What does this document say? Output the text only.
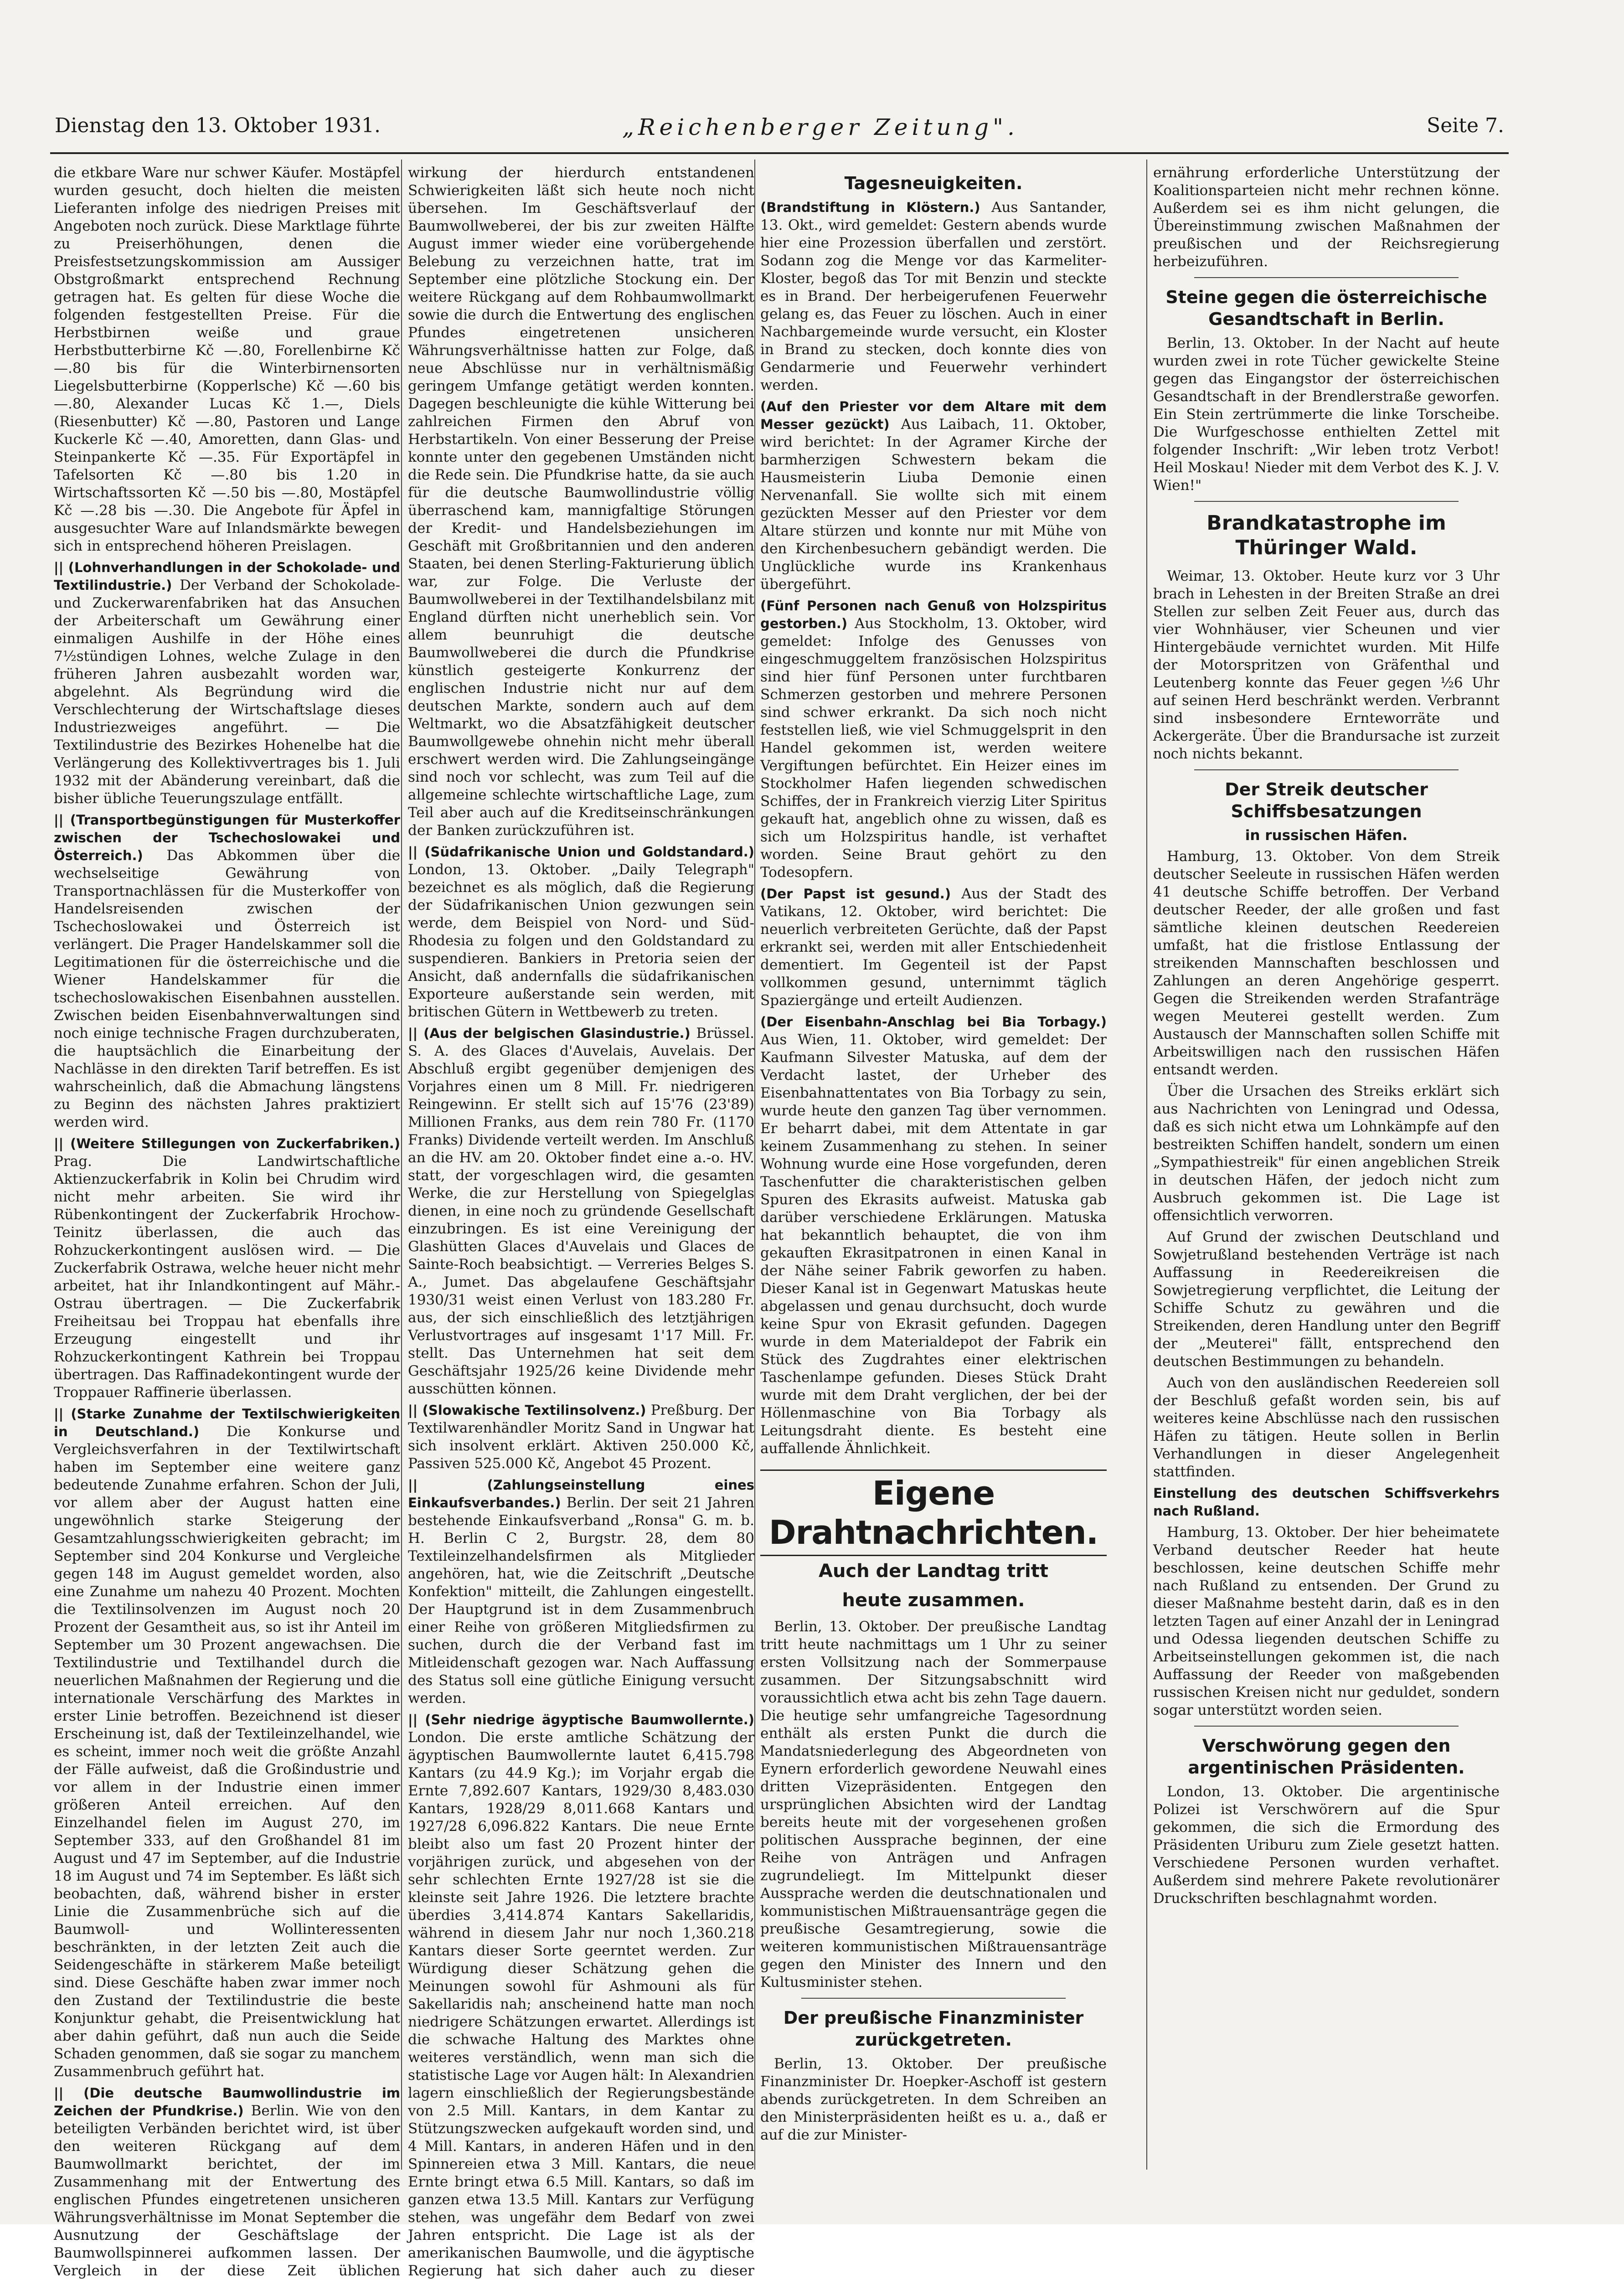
Dienstag den 13. Oktober 1931.	„Reichenberger Zeitung".	Seite 7.

die etkbare Ware nur schwer Käufer. Mostäpfel wurden gesucht, doch hielten die meisten Lieferanten infolge des niedrigen Preises mit Angeboten noch zurück. Diese Marktlage führte zu Preiserhöhungen, denen die Preisfestsetzungskommission am Aussiger Obstgroßmarkt entsprechend Rechnung getragen hat. Es gelten für diese Woche die folgenden festgestellten Preise. Für die Herbstbirnen weiße und graue Herbstbutterbirne Kč —.80, Forellenbirne Kč —.80 bis für die Winterbirnensorten Liegelsbutterbirne (Kopperlsche) Kč —.60 bis —.80, Alexander Lucas Kč 1.—, Diels (Riesenbutter) Kč —.80, Pastoren und Lange Kuckerle Kč —.40, Amoretten, dann Glas- und Steinpankerte Kč —.35. Für Exportäpfel in Tafelsorten Kč —.80 bis 1.20 in Wirtschaftssorten Kč —.50 bis —.80, Mostäpfel Kč —.28 bis —.30. Die Angebote für Äpfel in ausgesuchter Ware auf Inlandsmärkte bewegen sich in entsprechend höheren Preislagen.

|| (Lohnverhandlungen in der Schokolade- und Textilindustrie.) Der Verband der Schokolade- und Zuckerwarenfabriken hat das Ansuchen der Arbeiterschaft um Gewährung einer einmaligen Aushilfe in der Höhe eines 7½stündigen Lohnes, welche Zulage in den früheren Jahren ausbezahlt worden war, abgelehnt. Als Begründung wird die Verschlechterung der Wirtschaftslage dieses Industriezweiges angeführt. — Die Textilindustrie des Bezirkes Hohenelbe hat die Verlängerung des Kollektivvertrages bis 1. Juli 1932 mit der Abänderung vereinbart, daß die bisher übliche Teuerungszulage entfällt.

|| (Transportbegünstigungen für Musterkoffer zwischen der Tschechoslowakei und Österreich.) Das Abkommen über die wechselseitige Gewährung von Transportnachlässen für die Musterkoffer von Handelsreisenden zwischen der Tschechoslowakei und Österreich ist verlängert. Die Prager Handelskammer soll die Legitimationen für die österreichische und die Wiener Handelskammer für die tschechoslowakischen Eisenbahnen ausstellen. Zwischen beiden Eisenbahnverwaltungen sind noch einige technische Fragen durchzuberaten, die hauptsächlich die Einarbeitung der Nachlässe in den direkten Tarif betreffen. Es ist wahrscheinlich, daß die Abmachung längstens zu Beginn des nächsten Jahres praktiziert werden wird.

|| (Weitere Stillegungen von Zuckerfabriken.) Prag. Die Landwirtschaftliche Aktienzuckerfabrik in Kolin bei Chrudim wird nicht mehr arbeiten. Sie wird ihr Rübenkontingent der Zuckerfabrik Hrochow-Teinitz überlassen, die auch das Rohzuckerkontingent auslösen wird. — Die Zuckerfabrik Ostrawa, welche heuer nicht mehr arbeitet, hat ihr Inlandkontingent auf Mähr.-Ostrau übertragen. — Die Zuckerfabrik Freiheitsau bei Troppau hat ebenfalls ihre Erzeugung eingestellt und ihr Rohzuckerkontingent Kathrein bei Troppau übertragen. Das Raffinadekontingent wurde der Troppauer Raffinerie überlassen.

|| (Starke Zunahme der Textilschwierigkeiten in Deutschland.) Die Konkurse und Vergleichsverfahren in der Textilwirtschaft haben im September eine weitere ganz bedeutende Zunahme erfahren. Schon der Juli, vor allem aber der August hatten eine ungewöhnlich starke Steigerung der Gesamtzahlungsschwierigkeiten gebracht; im September sind 204 Konkurse und Vergleiche gegen 148 im August gemeldet worden, also eine Zunahme um nahezu 40 Prozent. Mochten die Textilinsolvenzen im August noch 20 Prozent der Gesamtheit aus, so ist ihr Anteil im September um 30 Prozent angewachsen. Die Textilindustrie und Textilhandel durch die neuerlichen Maßnahmen der Regierung und die internationale Verschärfung des Marktes in erster Linie betroffen. Bezeichnend ist dieser Erscheinung ist, daß der Textileinzelhandel, wie es scheint, immer noch weit die größte Anzahl der Fälle aufweist, daß die Großindustrie und vor allem in der Industrie einen immer größeren Anteil erreichen. Auf den Einzelhandel fielen im August 270, im September 333, auf den Großhandel 81 im August und 47 im September, auf die Industrie 18 im August und 74 im September. Es läßt sich beobachten, daß, während bisher in erster Linie die Zusammenbrüche sich auf die Baumwoll- und Wollinteressenten beschränkten, in der letzten Zeit auch die Seidengeschäfte in stärkerem Maße beteiligt sind. Diese Geschäfte haben zwar immer noch den Zustand der Textilindustrie die beste Konjunktur gehabt, die Preisentwicklung hat aber dahin geführt, daß nun auch die Seide Schaden genommen, daß sie sogar zu manchem Zusammenbruch geführt hat.

|| (Die deutsche Baumwollindustrie im Zeichen der Pfundkrise.) Berlin. Wie von den beteiligten Verbänden berichtet wird, ist über den weiteren Rückgang auf dem Baumwollmarkt berichtet, der im Zusammenhang mit der Entwertung des englischen Pfundes eingetretenen unsicheren Währungsverhältnisse im Monat September die Ausnutzung der Geschäftslage der Baumwollspinnerei aufkommen lassen. Der Vergleich in der diese Zeit üblichen

wirkung der hierdurch entstandenen Schwierigkeiten läßt sich heute noch nicht übersehen. Im Geschäftsverlauf der Baumwollweberei, der bis zur zweiten Hälfte August immer wieder eine vorübergehende Belebung zu verzeichnen hatte, trat im September eine plötzliche Stockung ein. Der weitere Rückgang auf dem Rohbaumwollmarkt sowie die durch die Entwertung des englischen Pfundes eingetretenen unsicheren Währungsverhältnisse hatten zur Folge, daß neue Abschlüsse nur in verhältnismäßig geringem Umfange getätigt werden konnten. Dagegen beschleunigte die kühle Witterung bei zahlreichen Firmen den Abruf von Herbstartikeln. Von einer Besserung der Preise konnte unter den gegebenen Umständen nicht die Rede sein. Die Pfundkrise hatte, da sie auch für die deutsche Baumwollindustrie völlig überraschend kam, mannigfaltige Störungen der Kredit- und Handelsbeziehungen im Geschäft mit Großbritannien und den anderen Staaten, bei denen Sterling-Fakturierung üblich war, zur Folge. Die Verluste der Baumwollweberei in der Textilhandelsbilanz mit England dürften nicht unerheblich sein. Vor allem beunruhigt die deutsche Baumwollweberei die durch die Pfundkrise künstlich gesteigerte Konkurrenz der englischen Industrie nicht nur auf dem deutschen Markte, sondern auch auf dem Weltmarkt, wo die Absatzfähigkeit deutscher Baumwollgewebe ohnehin nicht mehr überall erschwert werden wird. Die Zahlungseingänge sind noch vor schlecht, was zum Teil auf die allgemeine schlechte wirtschaftliche Lage, zum Teil aber auch auf die Kreditseinschränkungen der Banken zurückzuführen ist.

|| (Südafrikanische Union und Goldstandard.) London, 13. Oktober. „Daily Telegraph" bezeichnet es als möglich, daß die Regierung der Südafrikanischen Union gezwungen sein werde, dem Beispiel von Nord- und Süd-Rhodesia zu folgen und den Goldstandard zu suspendieren. Bankiers in Pretoria seien der Ansicht, daß andernfalls die südafrikanischen Exporteure außerstande sein werden, mit britischen Gütern in Wettbewerb zu treten.

|| (Aus der belgischen Glasindustrie.) Brüssel. S. A. des Glaces d'Auvelais, Auvelais. Der Abschluß ergibt gegenüber demjenigen des Vorjahres einen um 8 Mill. Fr. niedrigeren Reingewinn. Er stellt sich auf 15'76 (23'89) Millionen Franks, aus dem rein 780 Fr. (1170 Franks) Dividende verteilt werden. Im Anschluß an die HV. am 20. Oktober findet eine a.-o. HV. statt, der vorgeschlagen wird, die gesamten Werke, die zur Herstellung von Spiegelglas dienen, in eine noch zu gründende Gesellschaft einzubringen. Es ist eine Vereinigung der Glashütten Glaces d'Auvelais und Glaces de Sainte-Roch beabsichtigt. — Verreries Belges S. A., Jumet. Das abgelaufene Geschäftsjahr 1930/31 weist einen Verlust von 183.280 Fr. aus, der sich einschließlich des letztjährigen Verlustvortrages auf insgesamt 1'17 Mill. Fr. stellt. Das Unternehmen hat seit dem Geschäftsjahr 1925/26 keine Dividende mehr ausschütten können.

|| (Slowakische Textilinsolvenz.) Preßburg. Der Textilwarenhändler Moritz Sand in Ungwar hat sich insolvent erklärt. Aktiven 250.000 Kč, Passiven 525.000 Kč, Angebot 45 Prozent.

|| (Zahlungseinstellung eines Einkaufsverbandes.) Berlin. Der seit 21 Jahren bestehende Einkaufsverband „Ronsa" G. m. b. H. Berlin C 2, Burgstr. 28, dem 80 Textileinzelhandelsfirmen als Mitglieder angehören, hat, wie die Zeitschrift „Deutsche Konfektion" mitteilt, die Zahlungen eingestellt. Der Hauptgrund ist in dem Zusammenbruch einer Reihe von größeren Mitgliedsfirmen zu suchen, durch die der Verband fast im Mitleidenschaft gezogen war. Nach Auffassung des Status soll eine gütliche Einigung versucht werden.

|| (Sehr niedrige ägyptische Baumwollernte.) London. Die erste amtliche Schätzung der ägyptischen Baumwollernte lautet 6,415.798 Kantars (zu 44.9 Kg.); im Vorjahr ergab die Ernte 7,892.607 Kantars, 1929/30 8,483.030 Kantars, 1928/29 8,011.668 Kantars und 1927/28 6,096.822 Kantars. Die neue Ernte bleibt also um fast 20 Prozent hinter der vorjährigen zurück, und abgesehen von der sehr schlechten Ernte 1927/28 ist sie die kleinste seit Jahre 1926. Die letztere brachte überdies 3,414.874 Kantars Sakellaridis, während in diesem Jahr nur noch 1,360.218 Kantars dieser Sorte geerntet werden. Zur Würdigung dieser Schätzung gehen die Meinungen sowohl für Ashmouni als für Sakellaridis nah; anscheinend hatte man noch niedrigere Schätzungen erwartet. Allerdings ist die schwache Haltung des Marktes ohne weiteres verständlich, wenn man sich die statistische Lage vor Augen hält: In Alexandrien lagern einschließlich der Regierungsbestände von 2.5 Mill. Kantars, in dem Kantar zu Stützungszwecken aufgekauft worden sind, und 4 Mill. Kantars, in anderen Häfen und in den Spinnereien etwa 3 Mill. Kantars, die neue Ernte bringt etwa 6.5 Mill. Kantars, so daß im ganzen etwa 13.5 Mill. Kantars zur Verfügung stehen, was ungefähr dem Bedarf von zwei Jahren entspricht. Die Lage ist als der amerikanischen Baumwolle, und die ägyptische Regierung hat sich daher auch zu dieser

Tagesneuigkeiten.

(Brandstiftung in Klöstern.) Aus Santander, 13. Okt., wird gemeldet: Gestern abends wurde hier eine Prozession überfallen und zerstört. Sodann zog die Menge vor das Karmeliter-Kloster, begoß das Tor mit Benzin und steckte es in Brand. Der herbeigerufenen Feuerwehr gelang es, das Feuer zu löschen. Auch in einer Nachbargemeinde wurde versucht, ein Kloster in Brand zu stecken, doch konnte dies von Gendarmerie und Feuerwehr verhindert werden.

(Auf den Priester vor dem Altare mit dem Messer gezückt) Aus Laibach, 11. Oktober, wird berichtet: In der Agramer Kirche der barmherzigen Schwestern bekam die Hausmeisterin Liuba Demonie einen Nervenanfall. Sie wollte sich mit einem gezückten Messer auf den Priester vor dem Altare stürzen und konnte nur mit Mühe von den Kirchenbesuchern gebändigt werden. Die Unglückliche wurde ins Krankenhaus übergeführt.

(Fünf Personen nach Genuß von Holzspiritus gestorben.) Aus Stockholm, 13. Oktober, wird gemeldet: Infolge des Genusses von eingeschmuggeltem französischen Holzspiritus sind hier fünf Personen unter furchtbaren Schmerzen gestorben und mehrere Personen sind schwer erkrankt. Da sich noch nicht feststellen ließ, wie viel Schmuggelsprit in den Handel gekommen ist, werden weitere Vergiftungen befürchtet. Ein Heizer eines im Stockholmer Hafen liegenden schwedischen Schiffes, der in Frankreich vierzig Liter Spiritus gekauft hat, angeblich ohne zu wissen, daß es sich um Holzspiritus handle, ist verhaftet worden. Seine Braut gehört zu den Todesopfern.

(Der Papst ist gesund.) Aus der Stadt des Vatikans, 12. Oktober, wird berichtet: Die neuerlich verbreiteten Gerüchte, daß der Papst erkrankt sei, werden mit aller Entschiedenheit dementiert. Im Gegenteil ist der Papst vollkommen gesund, unternimmt täglich Spaziergänge und erteilt Audienzen.

(Der Eisenbahn-Anschlag bei Bia Torbagy.) Aus Wien, 11. Oktober, wird gemeldet: Der Kaufmann Silvester Matuska, auf dem der Verdacht lastet, der Urheber des Eisenbahnattentates von Bia Torbagy zu sein, wurde heute den ganzen Tag über vernommen. Er beharrt dabei, mit dem Attentate in gar keinem Zusammenhang zu stehen. In seiner Wohnung wurde eine Hose vorgefunden, deren Taschenfutter die charakteristischen gelben Spuren des Ekrasits aufweist. Matuska gab darüber verschiedene Erklärungen. Matuska hat bekanntlich behauptet, die von ihm gekauften Ekrasitpatronen in einen Kanal in der Nähe seiner Fabrik geworfen zu haben. Dieser Kanal ist in Gegenwart Matuskas heute abgelassen und genau durchsucht, doch wurde keine Spur von Ekrasit gefunden. Dagegen wurde in dem Materialdepot der Fabrik ein Stück des Zugdrahtes einer elektrischen Taschenlampe gefunden. Dieses Stück Draht wurde mit dem Draht verglichen, der bei der Höllenmaschine von Bia Torbagy als Leitungsdraht diente. Es besteht eine auffallende Ähnlichkeit.

Eigene Drahtnachrichten.
Auch der Landtag tritt
heute zusammen.

Berlin, 13. Oktober. Der preußische Landtag tritt heute nachmittags um 1 Uhr zu seiner ersten Vollsitzung nach der Sommerpause zusammen. Der Sitzungsabschnitt wird voraussichtlich etwa acht bis zehn Tage dauern. Die heutige sehr umfangreiche Tagesordnung enthält als ersten Punkt die durch die Mandatsniederlegung des Abgeordneten von Eynern erforderlich gewordene Neuwahl eines dritten Vizepräsidenten. Entgegen den ursprünglichen Absichten wird der Landtag bereits heute mit der vorgesehenen großen politischen Aussprache beginnen, der eine Reihe von Anträgen und Anfragen zugrundeliegt. Im Mittelpunkt dieser Aussprache werden die deutschnationalen und kommunistischen Mißtrauensanträge gegen die preußische Gesamtregierung, sowie die weiteren kommunistischen Mißtrauensanträge gegen den Minister des Innern und den Kultusminister stehen.

Der preußische Finanzminister zurückgetreten.

Berlin, 13. Oktober. Der preußische Finanzminister Dr. Hoepker-Aschoff ist gestern abends zurückgetreten. In dem Schreiben an den Ministerpräsidenten heißt es u. a., daß er auf die zur Minister-

ernährung erforderliche Unterstützung der Koalitionsparteien nicht mehr rechnen könne. Außerdem sei es ihm nicht gelungen, die Übereinstimmung zwischen Maßnahmen der preußischen und der Reichsregierung herbeizuführen.

Steine gegen die österreichische Gesandtschaft in Berlin.

Berlin, 13. Oktober. In der Nacht auf heute wurden zwei in rote Tücher gewickelte Steine gegen das Eingangstor der österreichischen Gesandtschaft in der Brendlerstraße geworfen. Ein Stein zertrümmerte die linke Torscheibe. Die Wurfgeschosse enthielten Zettel mit folgender Inschrift: „Wir leben trotz Verbot! Heil Moskau! Nieder mit dem Verbot des K. J. V. Wien!"

Brandkatastrophe im Thüringer Wald.

Weimar, 13. Oktober. Heute kurz vor 3 Uhr brach in Lehesten in der Breiten Straße an drei Stellen zur selben Zeit Feuer aus, durch das vier Wohnhäuser, vier Scheunen und vier Hintergebäude vernichtet wurden. Mit Hilfe der Motorspritzen von Gräfenthal und Leutenberg konnte das Feuer gegen ½6 Uhr auf seinen Herd beschränkt werden. Verbrannt sind insbesondere Ernteworräte und Ackergeräte. Über die Brandursache ist zurzeit noch nichts bekannt.

Der Streik deutscher Schiffsbesatzungen
in russischen Häfen.

Hamburg, 13. Oktober. Von dem Streik deutscher Seeleute in russischen Häfen werden 41 deutsche Schiffe betroffen. Der Verband deutscher Reeder, der alle großen und fast sämtliche kleinen deutschen Reedereien umfaßt, hat die fristlose Entlassung der streikenden Mannschaften beschlossen und Zahlungen an deren Angehörige gesperrt. Gegen die Streikenden werden Strafanträge wegen Meuterei gestellt werden. Zum Austausch der Mannschaften sollen Schiffe mit Arbeitswilligen nach den russischen Häfen entsandt werden.

Über die Ursachen des Streiks erklärt sich aus Nachrichten von Leningrad und Odessa, daß es sich nicht etwa um Lohnkämpfe auf den bestreikten Schiffen handelt, sondern um einen „Sympathiestreik" für einen angeblichen Streik in deutschen Häfen, der jedoch nicht zum Ausbruch gekommen ist. Die Lage ist offensichtlich verworren.

Auf Grund der zwischen Deutschland und Sowjetrußland bestehenden Verträge ist nach Auffassung in Reedereikreisen die Sowjetregierung verpflichtet, die Leitung der Schiffe Schutz zu gewähren und die Streikenden, deren Handlung unter den Begriff der „Meuterei" fällt, entsprechend den deutschen Bestimmungen zu behandeln.

Auch von den ausländischen Reedereien soll der Beschluß gefaßt worden sein, bis auf weiteres keine Abschlüsse nach den russischen Häfen zu tätigen. Heute sollen in Berlin Verhandlungen in dieser Angelegenheit stattfinden.

Einstellung des deutschen Schiffsverkehrs nach Rußland.

Hamburg, 13. Oktober. Der hier beheimatete Verband deutscher Reeder hat heute beschlossen, keine deutschen Schiffe mehr nach Rußland zu entsenden. Der Grund zu dieser Maßnahme besteht darin, daß es in den letzten Tagen auf einer Anzahl der in Leningrad und Odessa liegenden deutschen Schiffe zu Arbeitseinstellungen gekommen ist, die nach Auffassung der Reeder von maßgebenden russischen Kreisen nicht nur geduldet, sondern sogar unterstützt worden seien.

Verschwörung gegen den argentinischen Präsidenten.

London, 13. Oktober. Die argentinische Polizei ist Verschwörern auf die Spur gekommen, die sich die Ermordung des Präsidenten Uriburu zum Ziele gesetzt hatten. Verschiedene Personen wurden verhaftet. Außerdem sind mehrere Pakete revolutionärer Druckschriften beschlagnahmt worden.
